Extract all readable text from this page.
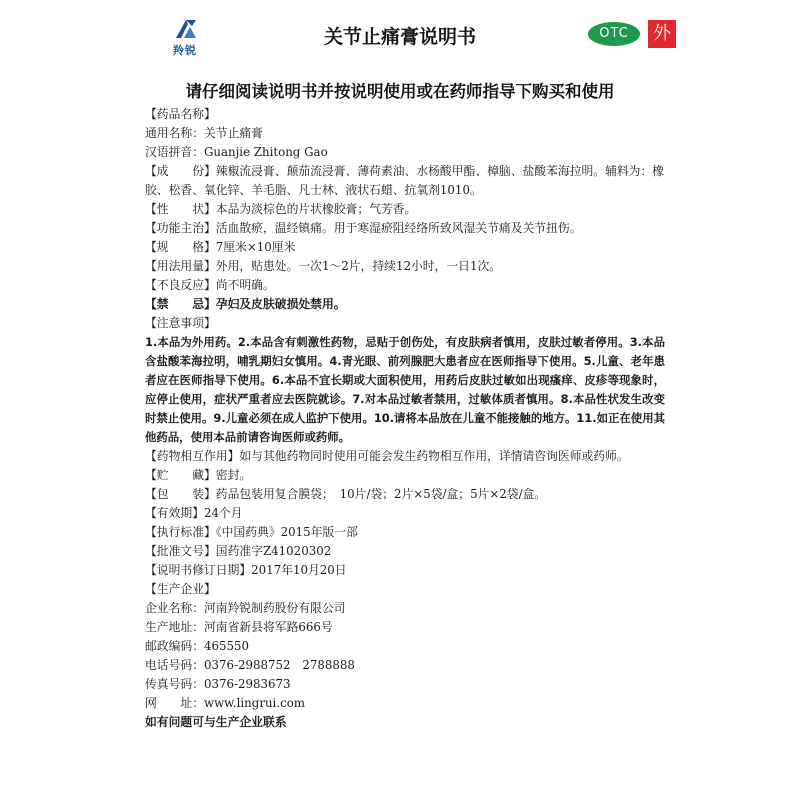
羚锐
关节止痛膏说明书	OTC	外
请仔细阅读说明书并按说明使用或在药师指导下购买和使用
【药品名称】
通用名称：关节止痛膏
汉语拼音：Guanjie Zhitong Gao
【成　　份】辣椒流浸膏、颠茄流浸膏、薄荷素油、水杨酸甲酯、樟脑、盐酸苯海拉明。辅料为：橡胶、松香、氧化锌、羊毛脂、凡士林、液状石蜡、抗氧剂1010。
【性　　状】本品为淡棕色的片状橡胶膏；气芳香。
【功能主治】活血散瘀，温经镇痛。用于寒湿瘀阻经络所致风湿关节痛及关节扭伤。
【规　　格】7厘米×10厘米
【用法用量】外用，贴患处。一次1～2片，持续12小时，一日1次。
【不良反应】尚不明确。
【禁　　忌】孕妇及皮肤破损处禁用。
【注意事项】
1.本品为外用药。2.本品含有刺激性药物，忌贴于创伤处，有皮肤病者慎用，皮肤过敏者停用。3.本品含盐酸苯海拉明，哺乳期妇女慎用。4.青光眼、前列腺肥大患者应在医师指导下使用。5.儿童、老年患者应在医师指导下使用。6.本品不宜长期或大面积使用，用药后皮肤过敏如出现瘙痒、皮疹等现象时，应停止使用，症状严重者应去医院就诊。7.对本品过敏者禁用，过敏体质者慎用。8.本品性状发生改变时禁止使用。9.儿童必须在成人监护下使用。10.请将本品放在儿童不能接触的地方。11.如正在使用其他药品，使用本品前请咨询医师或药师。
【药物相互作用】如与其他药物同时使用可能会发生药物相互作用，详情请咨询医师或药师。
【贮　　藏】密封。
【包　　装】药品包装用复合膜袋；　10片/袋；2片×5袋/盒；5片×2袋/盒。
【有效期】24个月
【执行标准】《中国药典》2015年版一部
【批准文号】国药准字Z41020302
【说明书修订日期】2017年10月20日
【生产企业】
企业名称：河南羚锐制药股份有限公司
生产地址：河南省新县将军路666号
邮政编码：465550
电话号码：0376-2988752　2788888
传真号码：0376-2983673
网　　址：www.lingrui.com
如有问题可与生产企业联系
